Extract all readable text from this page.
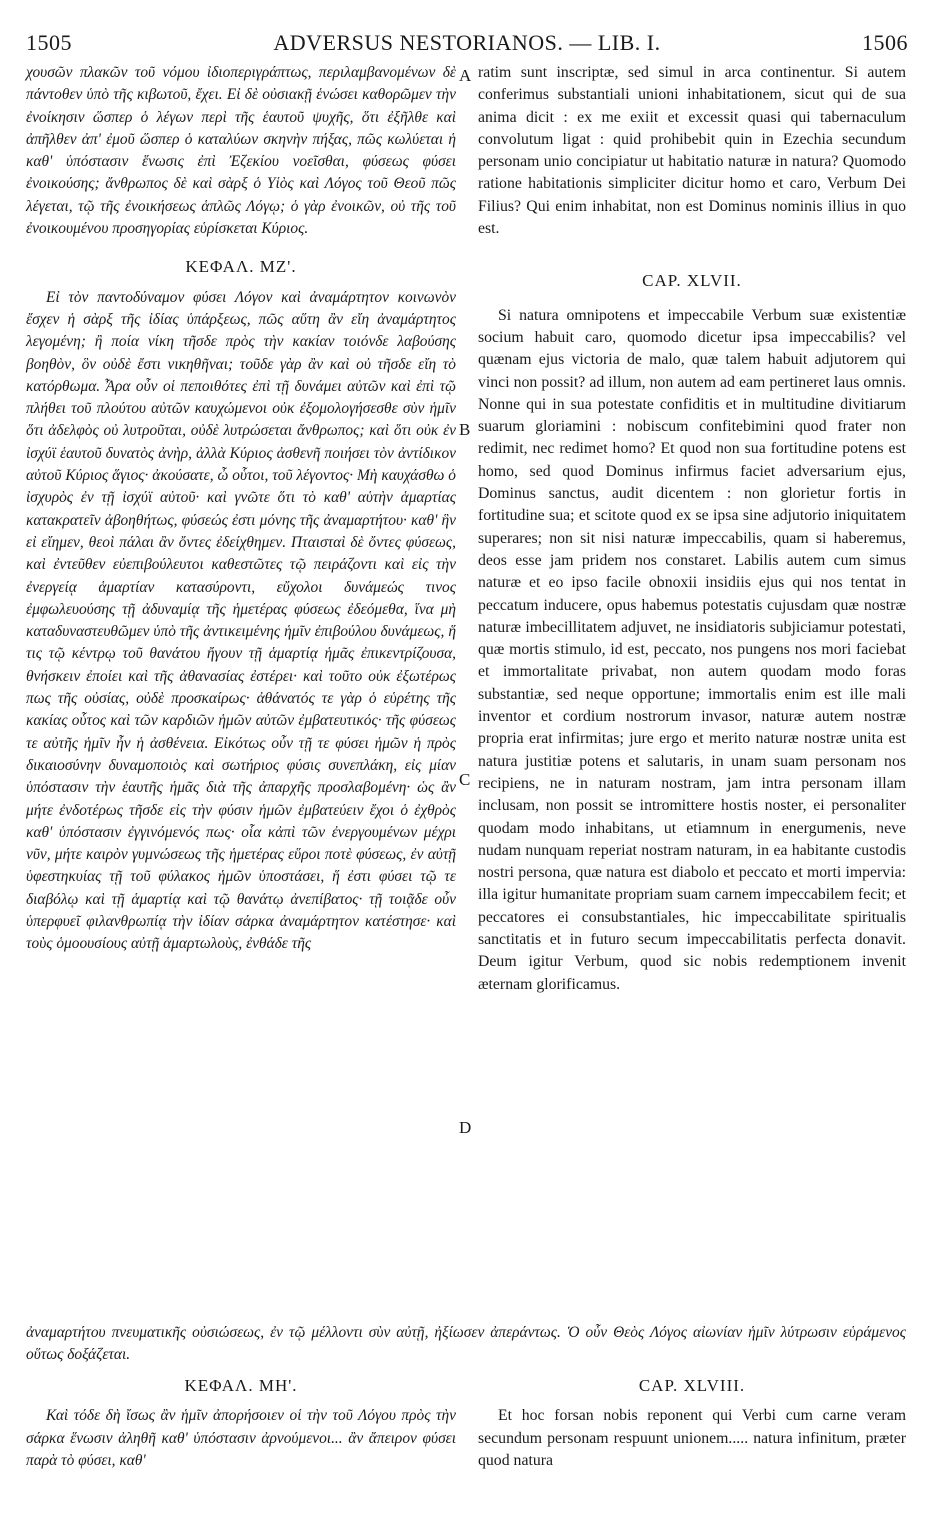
1505	ADVERSUS NESTORIANOS. — LIB. I.	1506

χουσῶν πλακῶν τοῦ νόμου ἰδιοπεριγράπτως, περιλαμβανομένων δὲ πάντοθεν ὑπὸ τῆς κιβωτοῦ, ἔχει. Εἰ δὲ οὐσιακῇ ἑνώσει καθορῶμεν τὴν ἐνοίκησιν ὥσπερ ὁ λέγων περὶ τῆς ἑαυτοῦ ψυχῆς, ὅτι ἐξῆλθε καὶ ἀπῆλθεν ἀπ' ἐμοῦ ὥσπερ ὁ καταλύων σκηνὴν πήξας, πῶς κωλύεται ἡ καθ' ὑπόστασιν ἕνωσις ἐπὶ Ἐζεκίου νοεῖσθαι, φύσεως φύσει ἐνοικούσης; ἄνθρωπος δὲ καὶ σὰρξ ὁ Υἱὸς καὶ Λόγος τοῦ Θεοῦ πῶς λέγεται, τῷ τῆς ἐνοικήσεως ἁπλῶς Λόγῳ; ὁ γὰρ ἐνοικῶν, οὐ τῆς τοῦ ἐνοικουμένου προσηγορίας εὑρίσκεται Κύριος.

ΚΕΦΑΛ. ΜΖ'.

Εἰ τὸν παντοδύναμον φύσει Λόγον καὶ ἀναμάρτητον κοινωνὸν ἔσχεν ἡ σὰρξ τῆς ἰδίας ὑπάρξεως, πῶς αὕτη ἂν εἴη ἀναμάρτητος λεγομένη; ἢ ποία νίκη τῆσδε πρὸς τὴν κακίαν τοιόνδε λαβούσης βοηθὸν, ὃν οὐδὲ ἔστι νικηθῆναι; τοῦδε γὰρ ἂν καὶ οὐ τῆσδε εἴη τὸ κατόρθωμα. Ἆρα οὖν οἱ πεποιθότες ἐπὶ τῇ δυνάμει αὐτῶν καὶ ἐπὶ τῷ πλήθει τοῦ πλούτου αὐτῶν καυχώμενοι οὐκ ἐξομολογήσεσθε σὺν ἡμῖν ὅτι ἀδελφὸς οὐ λυτροῦται, οὐδὲ λυτρώσεται ἄνθρωπος; καὶ ὅτι οὐκ ἐν ἰσχύϊ ἑαυτοῦ δυνατὸς ἀνὴρ, ἀλλὰ Κύριος ἀσθενῆ ποιήσει τὸν ἀντίδικον αὐτοῦ Κύριος ἅγιος· ἀκούσατε, ὦ οὗτοι, τοῦ λέγοντος· Μὴ καυχάσθω ὁ ἰσχυρὸς ἐν τῇ ἰσχύϊ αὐτοῦ· καὶ γνῶτε ὅτι τὸ καθ' αὑτὴν ἁμαρτίας κατακρατεῖν ἀβοηθήτως, φύσεώς ἐστι μόνης τῆς ἀναμαρτήτου· καθ' ἣν εἰ εἴημεν, θεοὶ πάλαι ἂν ὄντες ἐδείχθημεν. Πταισταὶ δὲ ὄντες φύσεως, καὶ ἐντεῦθεν εὐεπιβούλευτοι καθεστῶτες τῷ πειράζοντι καὶ εἰς τὴν ἐνεργείᾳ ἁμαρτίαν κατασύροντι, εὔχολοι δυνάμεώς τινος ἐμφωλευούσης τῇ ἀδυναμίᾳ τῆς ἡμετέρας φύσεως ἐδεόμεθα, ἵνα μὴ καταδυναστευθῶμεν ὑπὸ τῆς ἀντικειμένης ἡμῖν ἐπιβούλου δυνάμεως, ἥ τις τῷ κέντρῳ τοῦ θανάτου ἤγουν τῇ ἁμαρτίᾳ ἡμᾶς ἐπικεντρίζουσα, θνήσκειν ἐποίει καὶ τῆς ἀθανασίας ἐστέρει· καὶ τοῦτο οὐκ ἐξωτέρως πως τῆς οὐσίας, οὐδὲ προσκαίρως· ἀθάνατός τε γὰρ ὁ εὑρέτης τῆς κακίας οὗτος καὶ τῶν καρδιῶν ἡμῶν αὐτῶν ἐμβατευτικός· τῆς φύσεως τε αὐτῆς ἡμῖν ἦν ἡ ἀσθένεια. Εἰκότως οὖν τῇ τε φύσει ἡμῶν ἡ πρὸς δικαιοσύνην δυναμοποιὸς καὶ σωτήριος φύσις συνεπλάκη, εἰς μίαν ὑπόστασιν τὴν ἑαυτῆς ἡμᾶς διὰ τῆς ἀπαρχῆς προσλαβομένη· ὡς ἂν μήτε ἐνδοτέρως τῆσδε εἰς τὴν φύσιν ἡμῶν ἐμβατεύειν ἔχοι ὁ ἐχθρὸς καθ' ὑπόστασιν ἐγγινόμενός πως· οἷα κἀπὶ τῶν ἐνεργουμένων μέχρι νῦν, μήτε καιρὸν γυμνώσεως τῆς ἡμετέρας εὕροι ποτὲ φύσεως, ἐν αὐτῇ ὑφεστηκυίας τῇ τοῦ φύλακος ἡμῶν ὑποστάσει, ἥ ἐστι φύσει τῷ τε διαβόλῳ καὶ τῇ ἁμαρτίᾳ καὶ τῷ θανάτῳ ἀνεπίβατος· τῇ τοιᾷδε οὖν ὑπερφυεῖ φιλανθρωπίᾳ τὴν ἰδίαν σάρκα ἀναμάρτητον κατέστησε· καὶ τοὺς ὁμοουσίους αὐτῇ ἁμαρτωλοὺς, ἐνθάδε τῆς

ratim sunt inscriptæ, sed simul in arca continentur. Si autem conferimus substantiali unioni inhabitationem, sicut qui de sua anima dicit : ex me exiit et excessit quasi qui tabernaculum convolutum ligat : quid prohibebit quin in Ezechia secundum personam unio concipiatur ut habitatio naturæ in natura? Quomodo ratione habitationis simpliciter dicitur homo et caro, Verbum Dei Filius? Qui enim inhabitat, non est Dominus nominis illius in quo est.

CAP. XLVII.

Si natura omnipotens et impeccabile Verbum suæ existentiæ socium habuit caro, quomodo dicetur ipsa impeccabilis? vel quænam ejus victoria de malo, quæ talem habuit adjutorem qui vinci non possit? ad illum, non autem ad eam pertineret laus omnis. Nonne qui in sua potestate confiditis et in multitudine divitiarum suarum gloriamini : nobiscum confitebimini quod frater non redimit, nec redimet homo? Et quod non sua fortitudine potens est homo, sed quod Dominus infirmus faciet adversarium ejus, Dominus sanctus, audit dicentem : non glorietur fortis in fortitudine sua; et scitote quod ex se ipsa sine adjutorio iniquitatem superares; non sit nisi naturæ impeccabilis, quam si haberemus, deos esse jam pridem nos constaret. Labilis autem cum simus naturæ et eo ipso facile obnoxii insidiis ejus qui nos tentat in peccatum inducere, opus habemus potestatis cujusdam quæ nostræ naturæ imbecillitatem adjuvet, ne insidiatoris subjiciamur potestati, quæ mortis stimulo, id est, peccato, nos pungens nos mori faciebat et immortalitate privabat, non autem quodam modo foras substantiæ, sed neque opportune; immortalis enim est ille mali inventor et cordium nostrorum invasor, naturæ autem nostræ propria erat infirmitas; jure ergo et merito naturæ nostræ unita est natura justitiæ potens et salutaris, in unam suam personam nos recipiens, ne in naturam nostram, jam intra personam illam inclusam, non possit se intromittere hostis noster, ei personaliter quodam modo inhabitans, ut etiamnum in energumenis, neve nudam nunquam reperiat nostram naturam, in ea habitante custodis nostri persona, quæ natura est diabolo et peccato et morti impervia: illa igitur humanitate propriam suam carnem impeccabilem fecit; et peccatores ei consubstantiales, hic impeccabilitate spiritualis sanctitatis et in futuro secum impeccabilitatis perfecta donavit. Deum igitur Verbum, quod sic nobis redemptionem invenit æternam glorificamus.

A
B
C
D
ἀναμαρτήτου πνευματικῆς οὐσιώσεως, ἐν τῷ μέλλοντι σὺν αὐτῇ, ἠξίωσεν ἀπεράντως. Ὁ οὖν Θεὸς Λόγος αἰωνίαν ἡμῖν λύτρωσιν εὑράμενος οὕτως δοξάζεται.
ΚΕΦΑΛ. ΜΗ'.

Καὶ τόδε δὴ ἴσως ἂν ἡμῖν ἀπορήσοιεν οἱ τὴν τοῦ Λόγου πρὸς τὴν σάρκα ἕνωσιν ἀληθῆ καθ' ὑπόστασιν ἀρνούμενοι... ἂν ἄπειρον φύσει παρὰ τὸ φύσει, καθ'

CAP. XLVIII.

Et hoc forsan nobis reponent qui Verbi cum carne veram secundum personam respuunt unionem..... natura infinitum, præter quod natura
